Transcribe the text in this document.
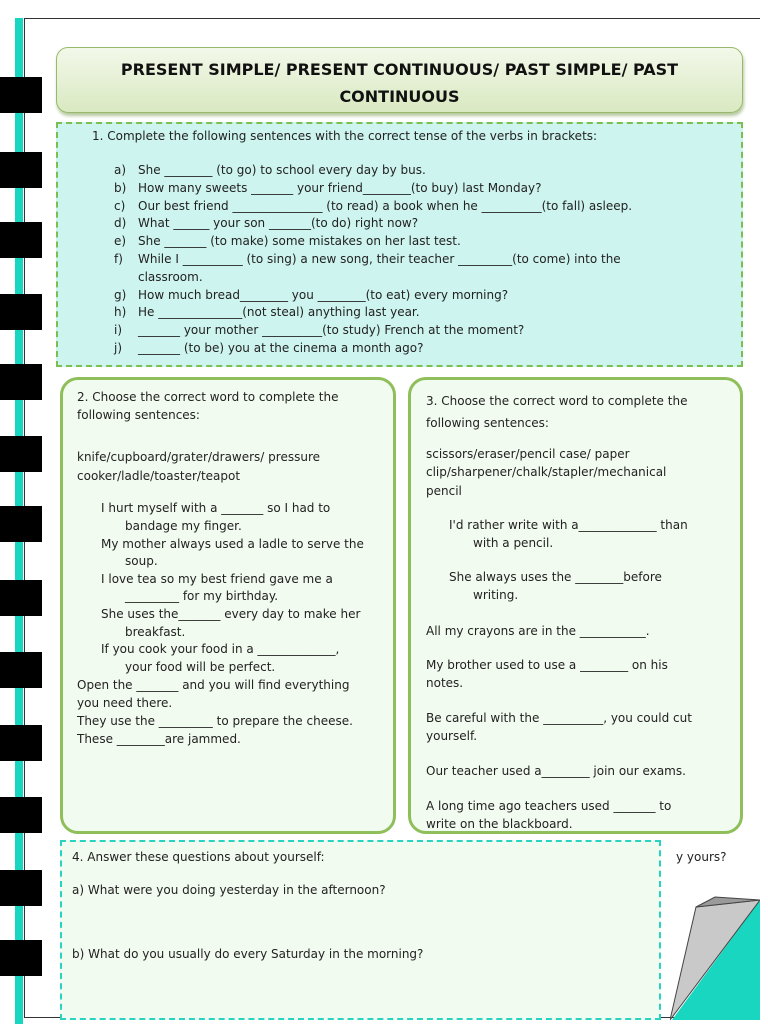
PRESENT SIMPLE/ PRESENT CONTINUOUS/ PAST SIMPLE/ PAST
CONTINUOUS
1. Complete the following sentences with the correct tense of the verbs in brackets:
a) She ________ (to go) to school every day by bus.
b) How many sweets _______ your friend________(to buy) last Monday?
c) Our best friend _______________ (to read) a book when he __________(to fall) asleep.
d) What ______ your son _______(to do) right now?
e) She _______ (to make) some mistakes on her last test.
f) While I __________ (to sing) a new song, their teacher _________(to come) into the
classroom.
g) How much bread________ you ________(to eat) every morning?
h) He ______________(not steal) anything last year.
i) _______ your mother __________(to study) French at the moment?
j) _______ (to be) you at the cinema a month ago?
2. Choose the correct word to complete the
following sentences:
knife/cupboard/grater/drawers/ pressure
cooker/ladle/toaster/teapot
I hurt myself with a _______ so I had to
bandage my finger.
My mother always used a ladle to serve the
soup.
I love tea so my best friend gave me a
_________ for my birthday.
She uses the_______ every day to make her
breakfast.
If you cook your food in a _____________,
your food will be perfect.
Open the _______ and you will find everything
you need there.
They use the _________ to prepare the cheese.
These ________are jammed.
3. Choose the correct word to complete the
following sentences:
scissors/eraser/pencil case/ paper
clip/sharpener/chalk/stapler/mechanical
pencil
I'd rather write with a_____________ than
with a pencil.
She always uses the ________before
writing.
All my crayons are in the ___________.
My brother used to use a ________ on his
notes.
Be careful with the __________, you could cut
yourself.
Our teacher used a________ join our exams.
A long time ago teachers used _______ to
write on the blackboard.
y yours?
4. Answer these questions about yourself:
a) What were you doing yesterday in the afternoon?
b) What do you usually do every Saturday in the morning?
